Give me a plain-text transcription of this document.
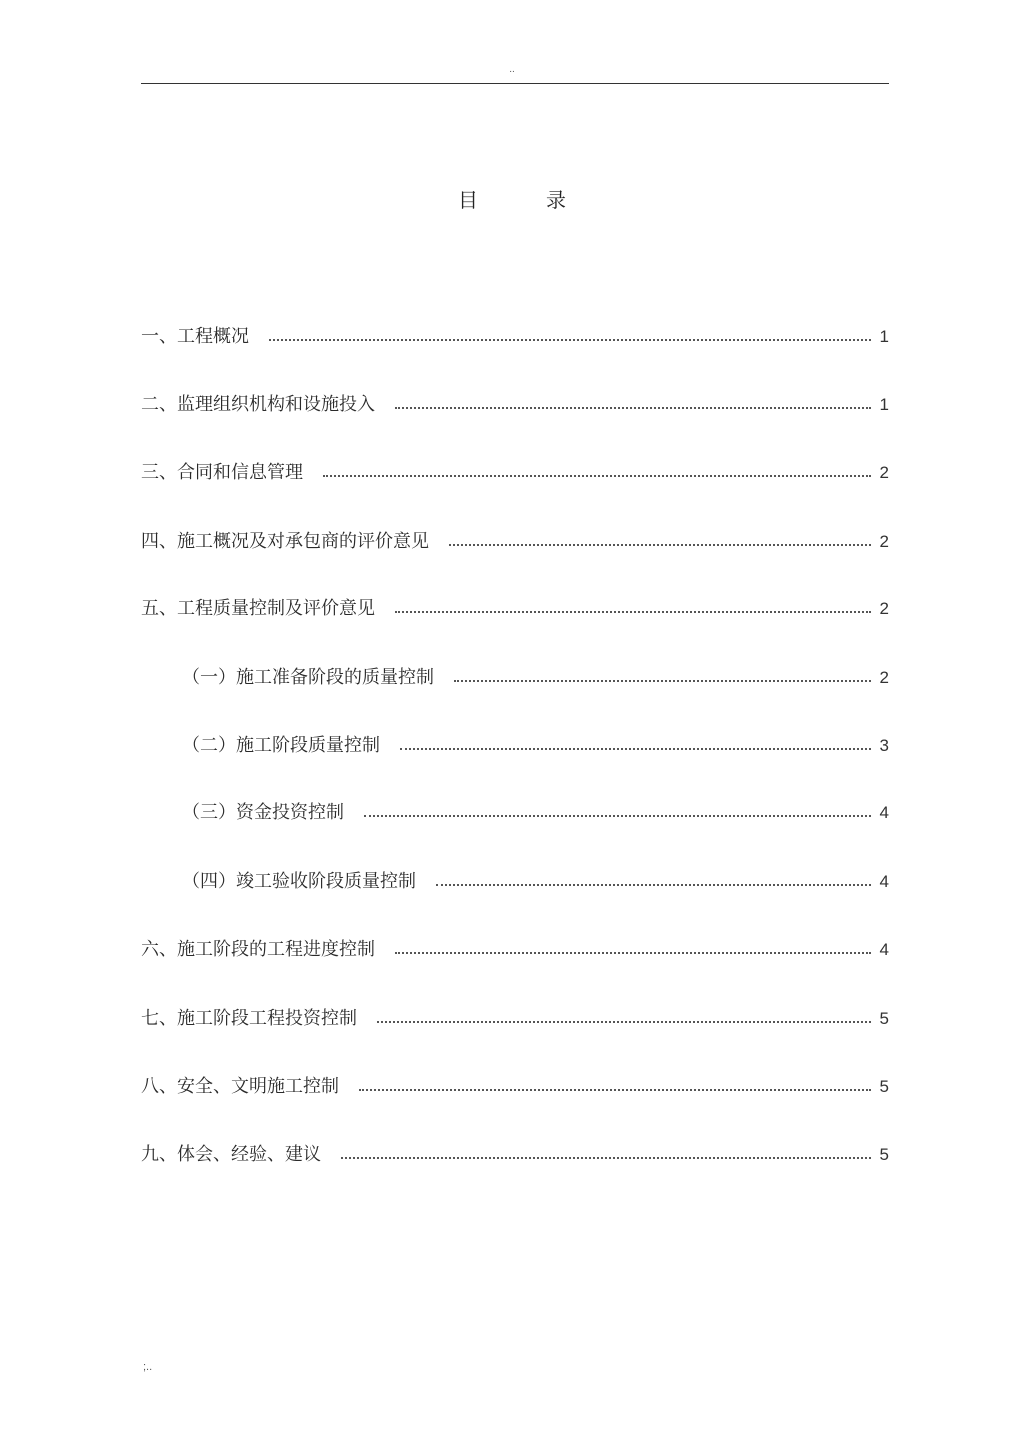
..
目	录
一、工程概况	1
二、监理组织机构和设施投入	1
三、合同和信息管理	2
四、施工概况及对承包商的评价意见	2
五、工程质量控制及评价意见	2
（一）施工准备阶段的质量控制	2
（二）施工阶段质量控制	3
（三）资金投资控制	4
（四）竣工验收阶段质量控制	4
六、施工阶段的工程进度控制	4
七、施工阶段工程投资控制	5
八、安全、文明施工控制	5
九、体会、经验、建议	5
;..
